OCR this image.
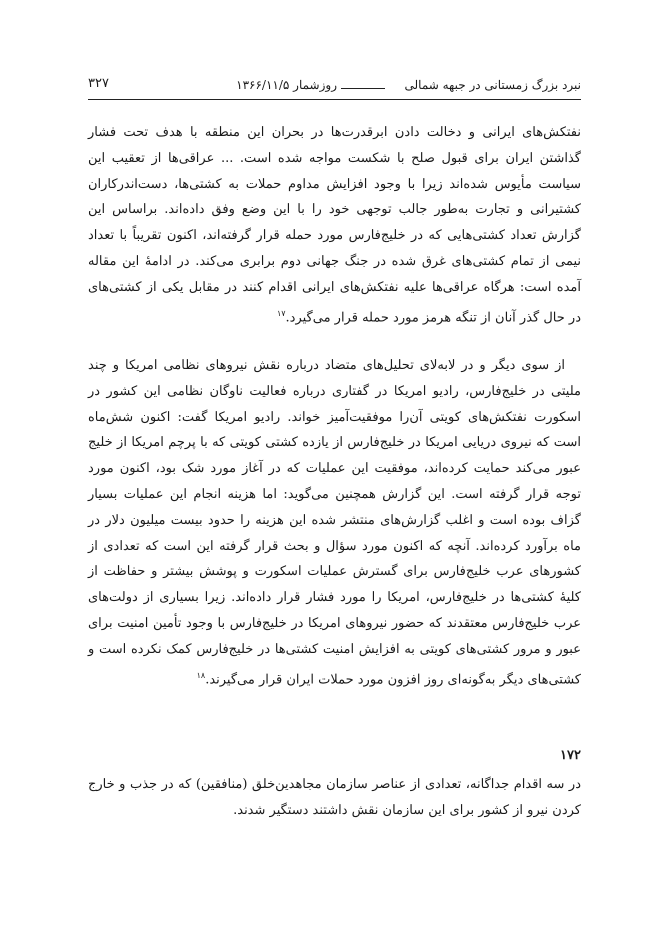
نبرد بزرگ زمستانی در جبهه شمالی
روزشمار ۱۳۶۶/۱۱/۵
۳۲۷

نفتکش‌های ایرانی و دخالت دادن ابرقدرت‌ها در بحران این منطقه با هدف تحت فشار گذاشتن ایران برای قبول صلح با شکست مواجه شده است. ... عراقی‌ها از تعقیب این سیاست مأیوس شده‌اند زیرا با وجود افزایش مداوم حملات به کشتی‌ها، دست‌اندرکاران کشتیرانی و تجارت به‌طور جالب توجهی خود را با این وضع وفق داده‌اند. براساس این گزارش تعداد کشتی‌هایی که در خلیج‌فارس مورد حمله قرار گرفته‌اند، اکنون تقریباً با تعداد نیمی از تمام کشتی‌های غرق شده در جنگ جهانی دوم برابری می‌کند. در ادامهٔ این مقاله آمده است: هرگاه عراقی‌ها علیه نفتکش‌های ایرانی اقدام کنند در مقابل یکی از کشتی‌های در حال گذر آنان از تنگه هرمز مورد حمله قرار می‌گیرد.$^{۱۷}$

از سوی دیگر و در لابه‌لای تحلیل‌های متضاد درباره نقش نیروهای نظامی امریکا و چند ملیتی در خلیج‌فارس، رادیو امریکا در گفتاری درباره فعالیت ناوگان نظامی این کشور در اسکورت نفتکش‌های کویتی آن‌را موفقیت‌آمیز خواند. رادیو امریکا گفت: اکنون شش‌ماه است که نیروی دریایی امریکا در خلیج‌فارس از یازده کشتی کویتی که با پرچم امریکا از خلیج عبور می‌کند حمایت کرده‌اند، موفقیت این عملیات که در آغاز مورد شک بود، اکنون مورد توجه قرار گرفته است. این گزارش همچنین می‌گوید: اما هزینه انجام این عملیات بسیار گزاف بوده است و اغلب گزارش‌های منتشر شده این هزینه را حدود بیست میلیون دلار در ماه برآورد کرده‌اند. آنچه که اکنون مورد سؤال و بحث قرار گرفته این است که تعدادی از کشورهای عرب خلیج‌فارس برای گسترش عملیات اسکورت و پوشش بیشتر و حفاظت از کلیهٔ کشتی‌ها در خلیج‌فارس، امریکا را مورد فشار قرار داده‌اند. زیرا بسیاری از دولت‌های عرب خلیج‌فارس معتقدند که حضور نیروهای امریکا در خلیج‌فارس با وجود تأمین امنیت برای عبور و مرور کشتی‌های کویتی به افزایش امنیت کشتی‌ها در خلیج‌فارس کمک نکرده است و کشتی‌های دیگر به‌گونه‌ای روز افزون مورد حملات ایران قرار می‌گیرند.$^{۱۸}$

۱۷۲

در سه اقدام جداگانه، تعدادی از عناصر سازمان مجاهدین‌خلق (منافقین) که در جذب و خارج کردن نیرو از کشور برای این سازمان نقش داشتند دستگیر شدند.
